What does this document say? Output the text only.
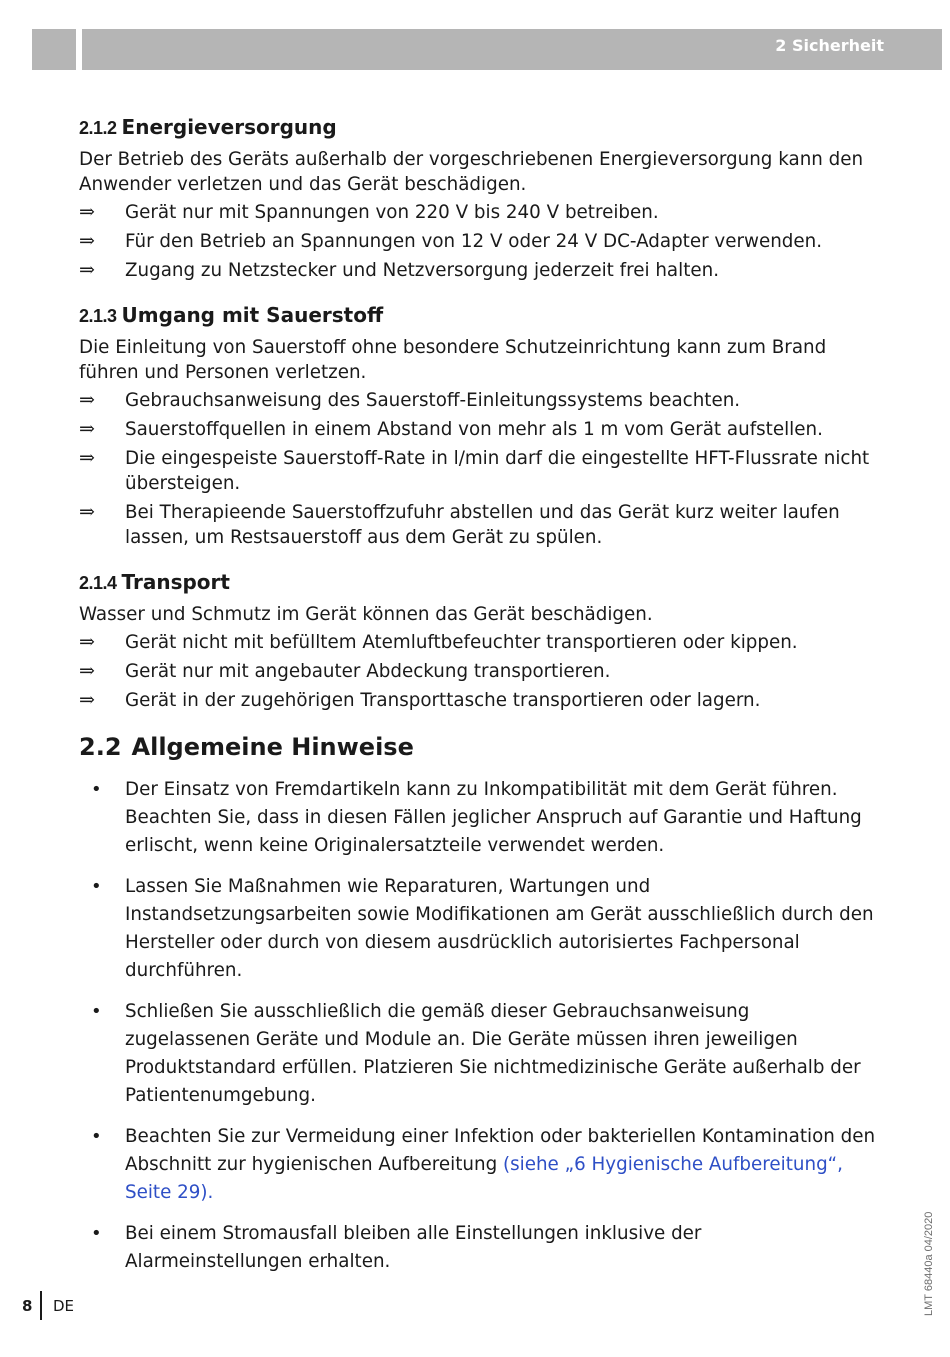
2 Sicherheit
2.1.2 Energieversorgung

Der Betrieb des Geräts außerhalb der vorgeschriebenen Energieversorgung kann den Anwender verletzen und das Gerät beschädigen.

⇒ Gerät nur mit Spannungen von 220 V bis 240 V betreiben.
⇒ Für den Betrieb an Spannungen von 12 V oder 24 V DC-Adapter verwenden.
⇒ Zugang zu Netzstecker und Netzversorgung jederzeit frei halten.
2.1.3 Umgang mit Sauerstoff

Die Einleitung von Sauerstoff ohne besondere Schutzeinrichtung kann zum Brand führen und Personen verletzen.

⇒ Gebrauchsanweisung des Sauerstoff-Einleitungssystems beachten.
⇒ Sauerstoffquellen in einem Abstand von mehr als 1 m vom Gerät aufstellen.
⇒ Die eingespeiste Sauerstoff-Rate in l/min darf die eingestellte HFT-Flussrate nicht übersteigen.
⇒ Bei Therapieende Sauerstoffzufuhr abstellen und das Gerät kurz weiter laufen lassen, um Restsauerstoff aus dem Gerät zu spülen.
2.1.4 Transport

Wasser und Schmutz im Gerät können das Gerät beschädigen.

⇒ Gerät nicht mit befülltem Atemluftbefeuchter transportieren oder kippen.
⇒ Gerät nur mit angebauter Abdeckung transportieren.
⇒ Gerät in der zugehörigen Transporttasche transportieren oder lagern.
2.2 Allgemeine Hinweise
• Der Einsatz von Fremdartikeln kann zu Inkompatibilität mit dem Gerät führen. Beachten Sie, dass in diesen Fällen jeglicher Anspruch auf Garantie und Haftung erlischt, wenn keine Originalersatzteile verwendet werden.
• Lassen Sie Maßnahmen wie Reparaturen, Wartungen und Instandsetzungsarbeiten sowie Modifikationen am Gerät ausschließlich durch den Hersteller oder durch von diesem ausdrücklich autorisiertes Fachpersonal durchführen.
• Schließen Sie ausschließlich die gemäß dieser Gebrauchsanweisung zugelassenen Geräte und Module an. Die Geräte müssen ihren jeweiligen Produktstandard erfüllen. Platzieren Sie nichtmedizinische Geräte außerhalb der Patientenumgebung.
• Beachten Sie zur Vermeidung einer Infektion oder bakteriellen Kontamination den Abschnitt zur hygienischen Aufbereitung (siehe „6 Hygienische Aufbereitung“, Seite 29).
• Bei einem Stromausfall bleiben alle Einstellungen inklusive der Alarmeinstellungen erhalten.
8 DE	LMT 68440a 04/2020
